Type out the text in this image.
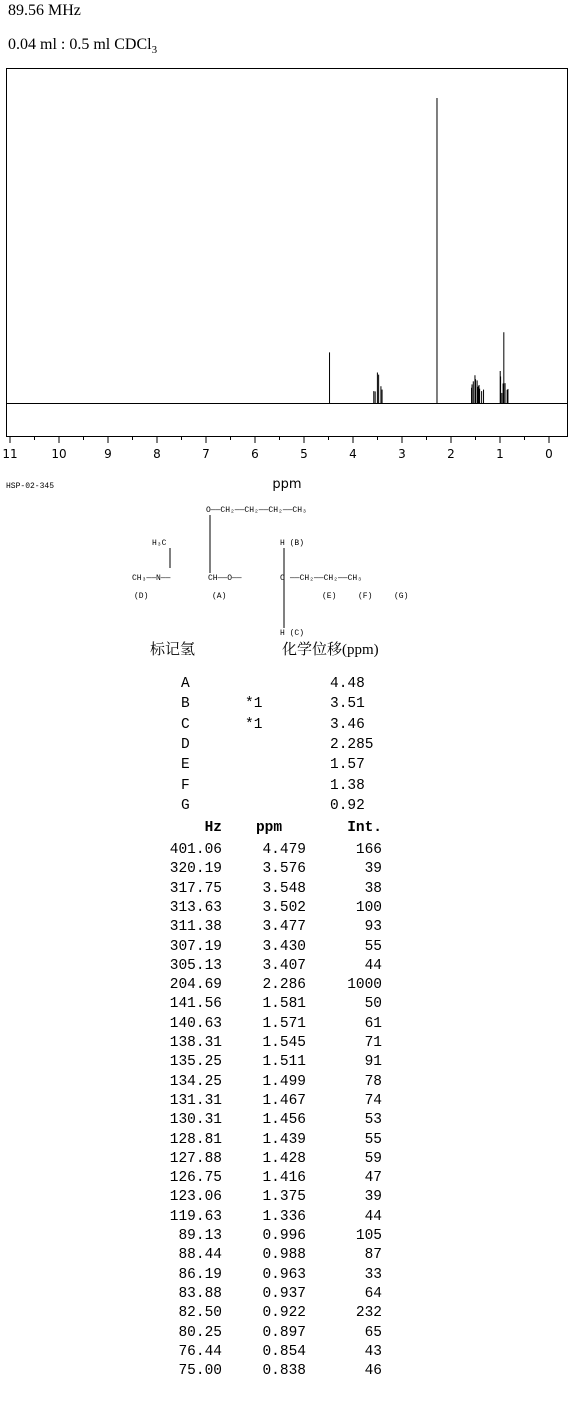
89.56 MHz
0.04 ml : 0.5 ml CDCl$_3$
11	10	9	8	7	6	5	4	3	2	1	0
ppm
HSP-02-345
O——CH₂——CH₂——CH₂——CH₃
H₃C	H (B)
CH₃——N——	CH——O——	C ——CH₂——CH₂——CH₃
(D)	(A)	(E)	(F)	(G)
H (C)
标记氢	化学位移(ppm)
A	4.48
B	*1	3.51
C	*1	3.46
D	2.285
E	1.57
F	1.38
G	0.92
Hz	ppm	Int.
401.06	4.479	166
320.19	3.576	39
317.75	3.548	38
313.63	3.502	100
311.38	3.477	93
307.19	3.430	55
305.13	3.407	44
204.69	2.286	1000
141.56	1.581	50
140.63	1.571	61
138.31	1.545	71
135.25	1.511	91
134.25	1.499	78
131.31	1.467	74
130.31	1.456	53
128.81	1.439	55
127.88	1.428	59
126.75	1.416	47
123.06	1.375	39
119.63	1.336	44
89.13	0.996	105
88.44	0.988	87
86.19	0.963	33
83.88	0.937	64
82.50	0.922	232
80.25	0.897	65
76.44	0.854	43
75.00	0.838	46
